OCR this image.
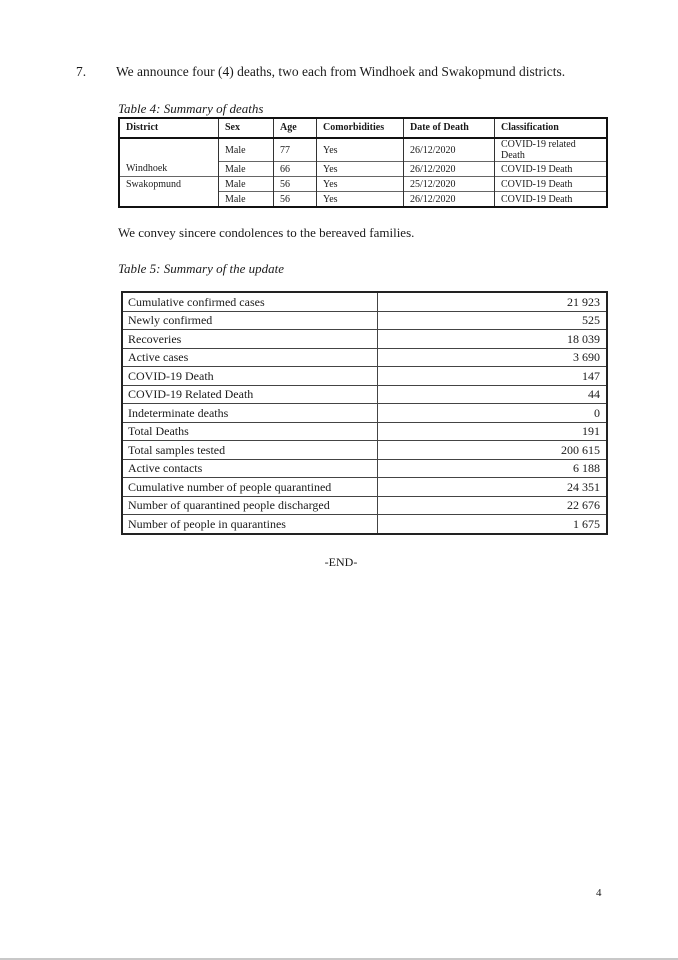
7. We announce four (4) deaths, two each from Windhoek and Swakopmund districts.
Table 4: Summary of deaths
District	Sex	Age	Comorbidities	Date of Death	Classification
	Male	77	Yes	26/12/2020	COVID-19 related Death
Windhoek	Male	66	Yes	26/12/2020	COVID-19 Death
Swakopmund	Male	56	Yes	25/12/2020	COVID-19 Death
	Male	56	Yes	26/12/2020	COVID-19 Death
We convey sincere condolences to the bereaved families.
Table 5: Summary of the update
Cumulative confirmed cases	21 923
Newly confirmed	525
Recoveries	18 039
Active cases	3 690
COVID-19 Death	147
COVID-19 Related Death	44
Indeterminate deaths	0
Total Deaths	191
Total samples tested	200 615
Active contacts	6 188
Cumulative number of people quarantined	24 351
Number of quarantined people discharged	22 676
Number of people in quarantines	1 675
-END-
4
